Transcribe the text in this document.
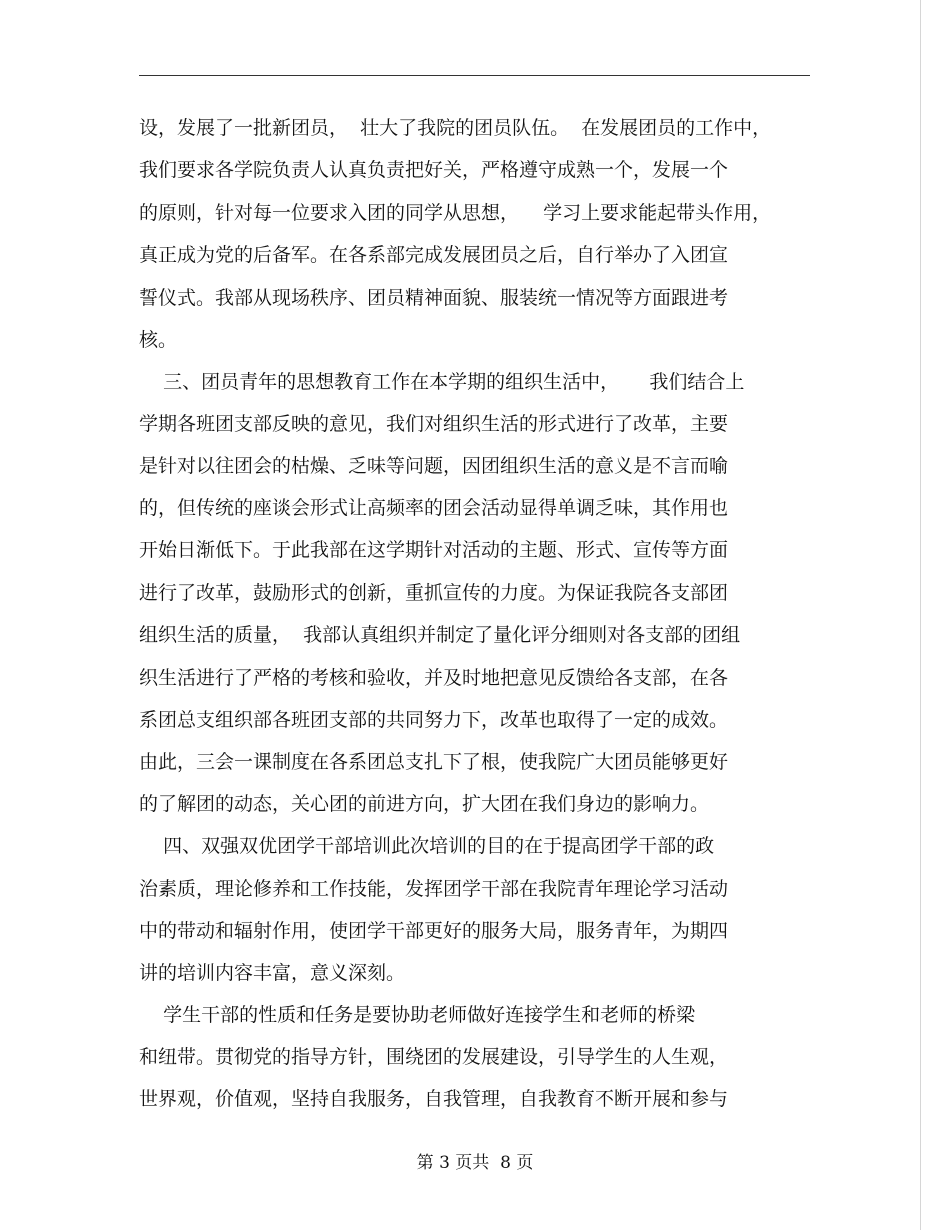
设，发展了一批新团员，  壮大了我院的团员队伍。  在发展团员的工作中，
我们要求各学院负责人认真负责把好关，严格遵守成熟一个，发展一个
的原则，针对每一位要求入团的同学从思想，    学习上要求能起带头作用，
真正成为党的后备军。在各系部完成发展团员之后，自行举办了入团宣
誓仪式。我部从现场秩序、团员精神面貌、服装统一情况等方面跟进考
核。
三、团员青年的思想教育工作在本学期的组织生活中，     我们结合上
学期各班团支部反映的意见，我们对组织生活的形式进行了改革，主要
是针对以往团会的枯燥、乏味等问题，因团组织生活的意义是不言而喻
的，但传统的座谈会形式让高频率的团会活动显得单调乏味，其作用也
开始日渐低下。于此我部在这学期针对活动的主题、形式、宣传等方面
进行了改革，鼓励形式的创新，重抓宣传的力度。为保证我院各支部团
组织生活的质量，  我部认真组织并制定了量化评分细则对各支部的团组
织生活进行了严格的考核和验收，并及时地把意见反馈给各支部，在各
系团总支组织部各班团支部的共同努力下，改革也取得了一定的成效。
由此，三会一课制度在各系团总支扎下了根，使我院广大团员能够更好
的了解团的动态，关心团的前进方向，扩大团在我们身边的影响力。
四、双强双优团学干部培训此次培训的目的在于提高团学干部的政
治素质，理论修养和工作技能，发挥团学干部在我院青年理论学习活动
中的带动和辐射作用，使团学干部更好的服务大局，服务青年，为期四
讲的培训内容丰富，意义深刻。
学生干部的性质和任务是要协助老师做好连接学生和老师的桥梁
和纽带。贯彻党的指导方针，围绕团的发展建设，引导学生的人生观，
世界观，价值观，坚持自我服务，自我管理，自我教育不断开展和参与
第 3 页共  8 页
